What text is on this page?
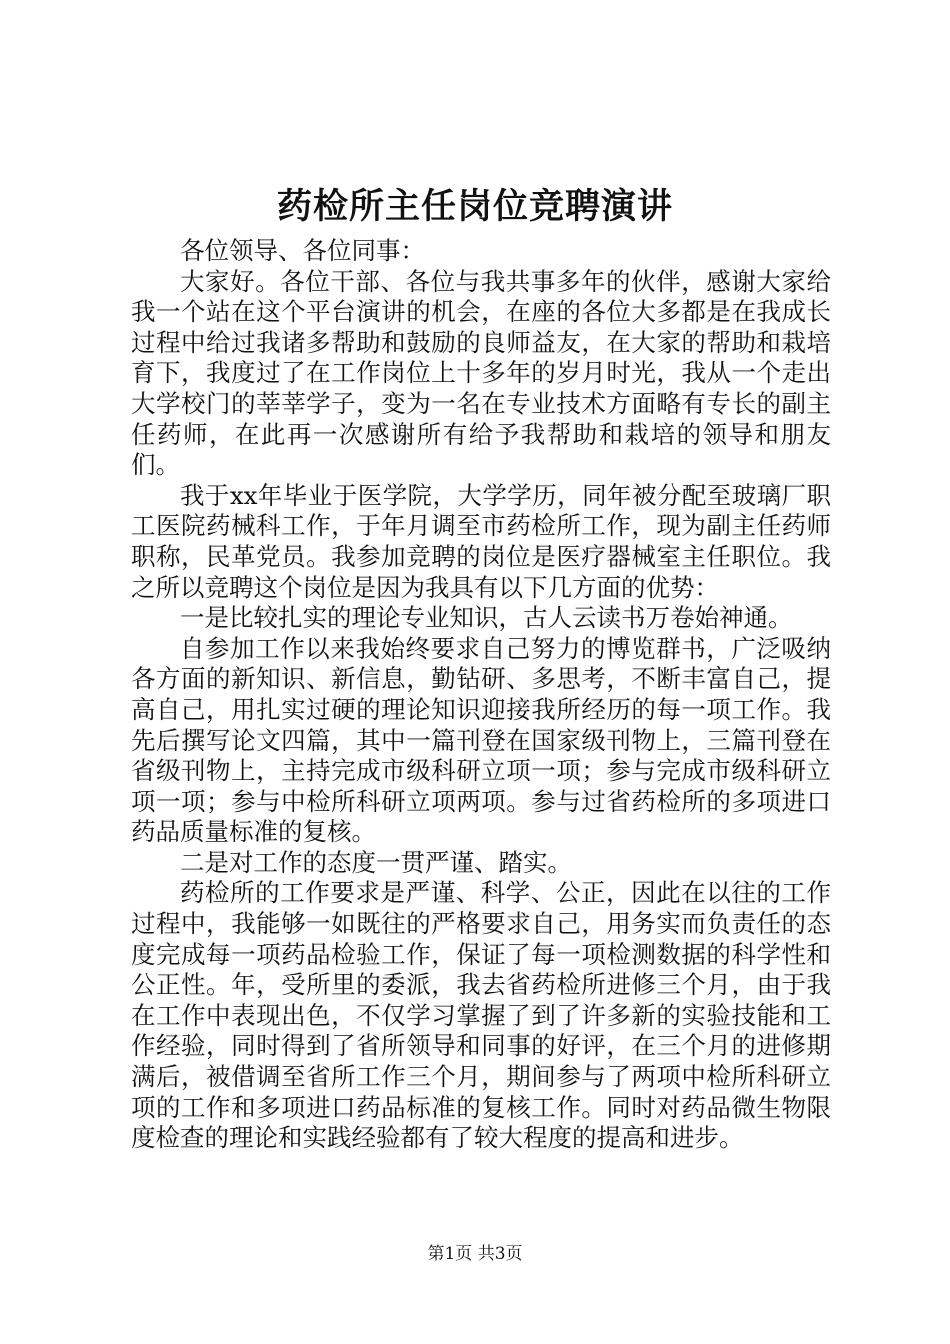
药检所主任岗位竞聘演讲

各位领导、各位同事：

大家好。各位干部、各位与我共事多年的伙伴，感谢大家给我一个站在这个平台演讲的机会，在座的各位大多都是在我成长过程中给过我诸多帮助和鼓励的良师益友，在大家的帮助和栽培育下，我度过了在工作岗位上十多年的岁月时光，我从一个走出大学校门的莘莘学子，变为一名在专业技术方面略有专长的副主任药师，在此再一次感谢所有给予我帮助和栽培的领导和朋友们。

我于xx年毕业于医学院，大学学历，同年被分配至玻璃厂职工医院药械科工作，于年月调至市药检所工作，现为副主任药师职称，民革党员。我参加竞聘的岗位是医疗器械室主任职位。我之所以竞聘这个岗位是因为我具有以下几方面的优势：

一是比较扎实的理论专业知识，古人云读书万卷始神通。

自参加工作以来我始终要求自己努力的博览群书，广泛吸纳各方面的新知识、新信息，勤钻研、多思考，不断丰富自己，提高自己，用扎实过硬的理论知识迎接我所经历的每一项工作。我先后撰写论文四篇，其中一篇刊登在国家级刊物上，三篇刊登在省级刊物上，主持完成市级科研立项一项；参与完成市级科研立项一项；参与中检所科研立项两项。参与过省药检所的多项进口药品质量标准的复核。

二是对工作的态度一贯严谨、踏实。

药检所的工作要求是严谨、科学、公正，因此在以往的工作过程中，我能够一如既往的严格要求自己，用务实而负责任的态度完成每一项药品检验工作，保证了每一项检测数据的科学性和公正性。年，受所里的委派，我去省药检所进修三个月，由于我在工作中表现出色，不仅学习掌握了到了许多新的实验技能和工作经验，同时得到了省所领导和同事的好评，在三个月的进修期满后，被借调至省所工作三个月，期间参与了两项中检所科研立项的工作和多项进口药品标准的复核工作。同时对药品微生物限度检查的理论和实践经验都有了较大程度的提高和进步。

第1页 共3页
